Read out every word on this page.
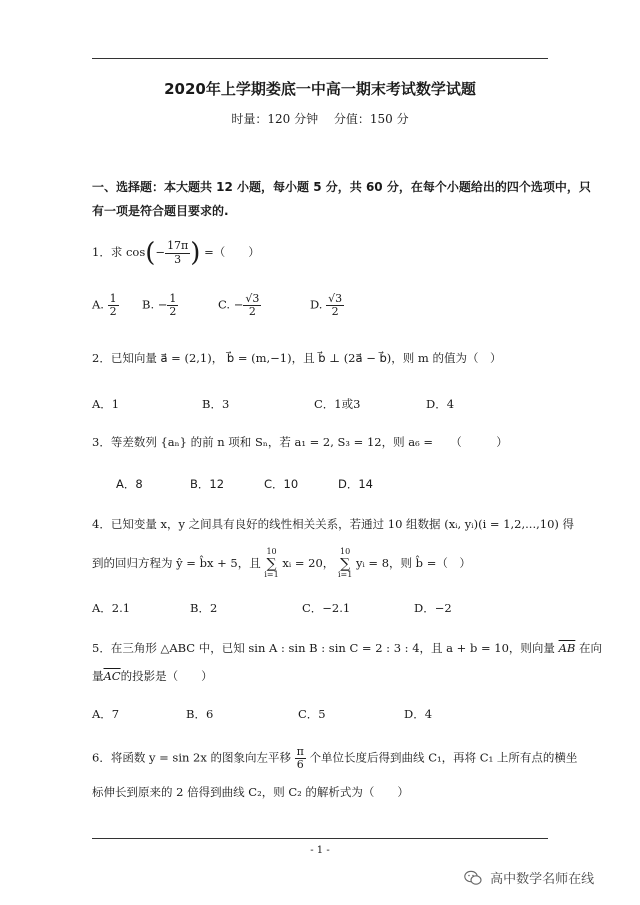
2020年上学期娄底一中高一期末考试数学试题
时量：120 分钟 分值：150 分
一、选择题：本大题共 12 小题，每小题 5 分，共 60 分，在每个小题给出的四个选项中，只
有一项是符合题目要求的.
1．求 $\cos(- \frac{17\pi}{3}$ ) =（　　）
A. $\frac{1}{2} B$. − $\frac{1}{2}$	C. − $\frac{√3}{2}$	D. $\frac{√3}{2}$
2．已知向量 a⃗ = (2,1)， b⃗ = (m,−1)，且 b⃗ ⊥ (2a⃗ − b⃗)，则 m 的值为（　）
A．1	B．3	C．1或3	D．4
3．等差数列 {aₙ} 的前 n 项和 Sₙ，若 a₁ = 2, S₃ = 12，则 a₆ =　　（　　　）
A．8	B．12	C．10	D．14
4．已知变量 x，y 之间具有良好的线性相关关系，若通过 10 组数据 (xᵢ, yᵢ)(i = 1,2,...,10) 得
到的回归方程为 ŷ = b̂x + 5，且
10
∑
i=1
xᵢ = 20，
10
∑
i=1
yᵢ = 8，则 b̂ =（　）
A．2.1	B．2	C．−2.1	D．−2
5．在三角形 △ABC 中，已知 sin A : sin B : sin C = 2 : 3 : 4，且 a + b = 10，则向量 $\overline{AB}$ 在向
量$\overline{AC}$的投影是（　　）
A．7	B．6	C．5	D．4
6．将函数 y = sin 2x 的图象向左平移 $\frac{\pi}{6}$ 个单位长度后得到曲线 C₁，再将 C₁ 上所有点的横坐
标伸长到原来的 2 倍得到曲线 C₂，则 C₂ 的解析式为（　　）
- 1 -
高中数学名师在线
